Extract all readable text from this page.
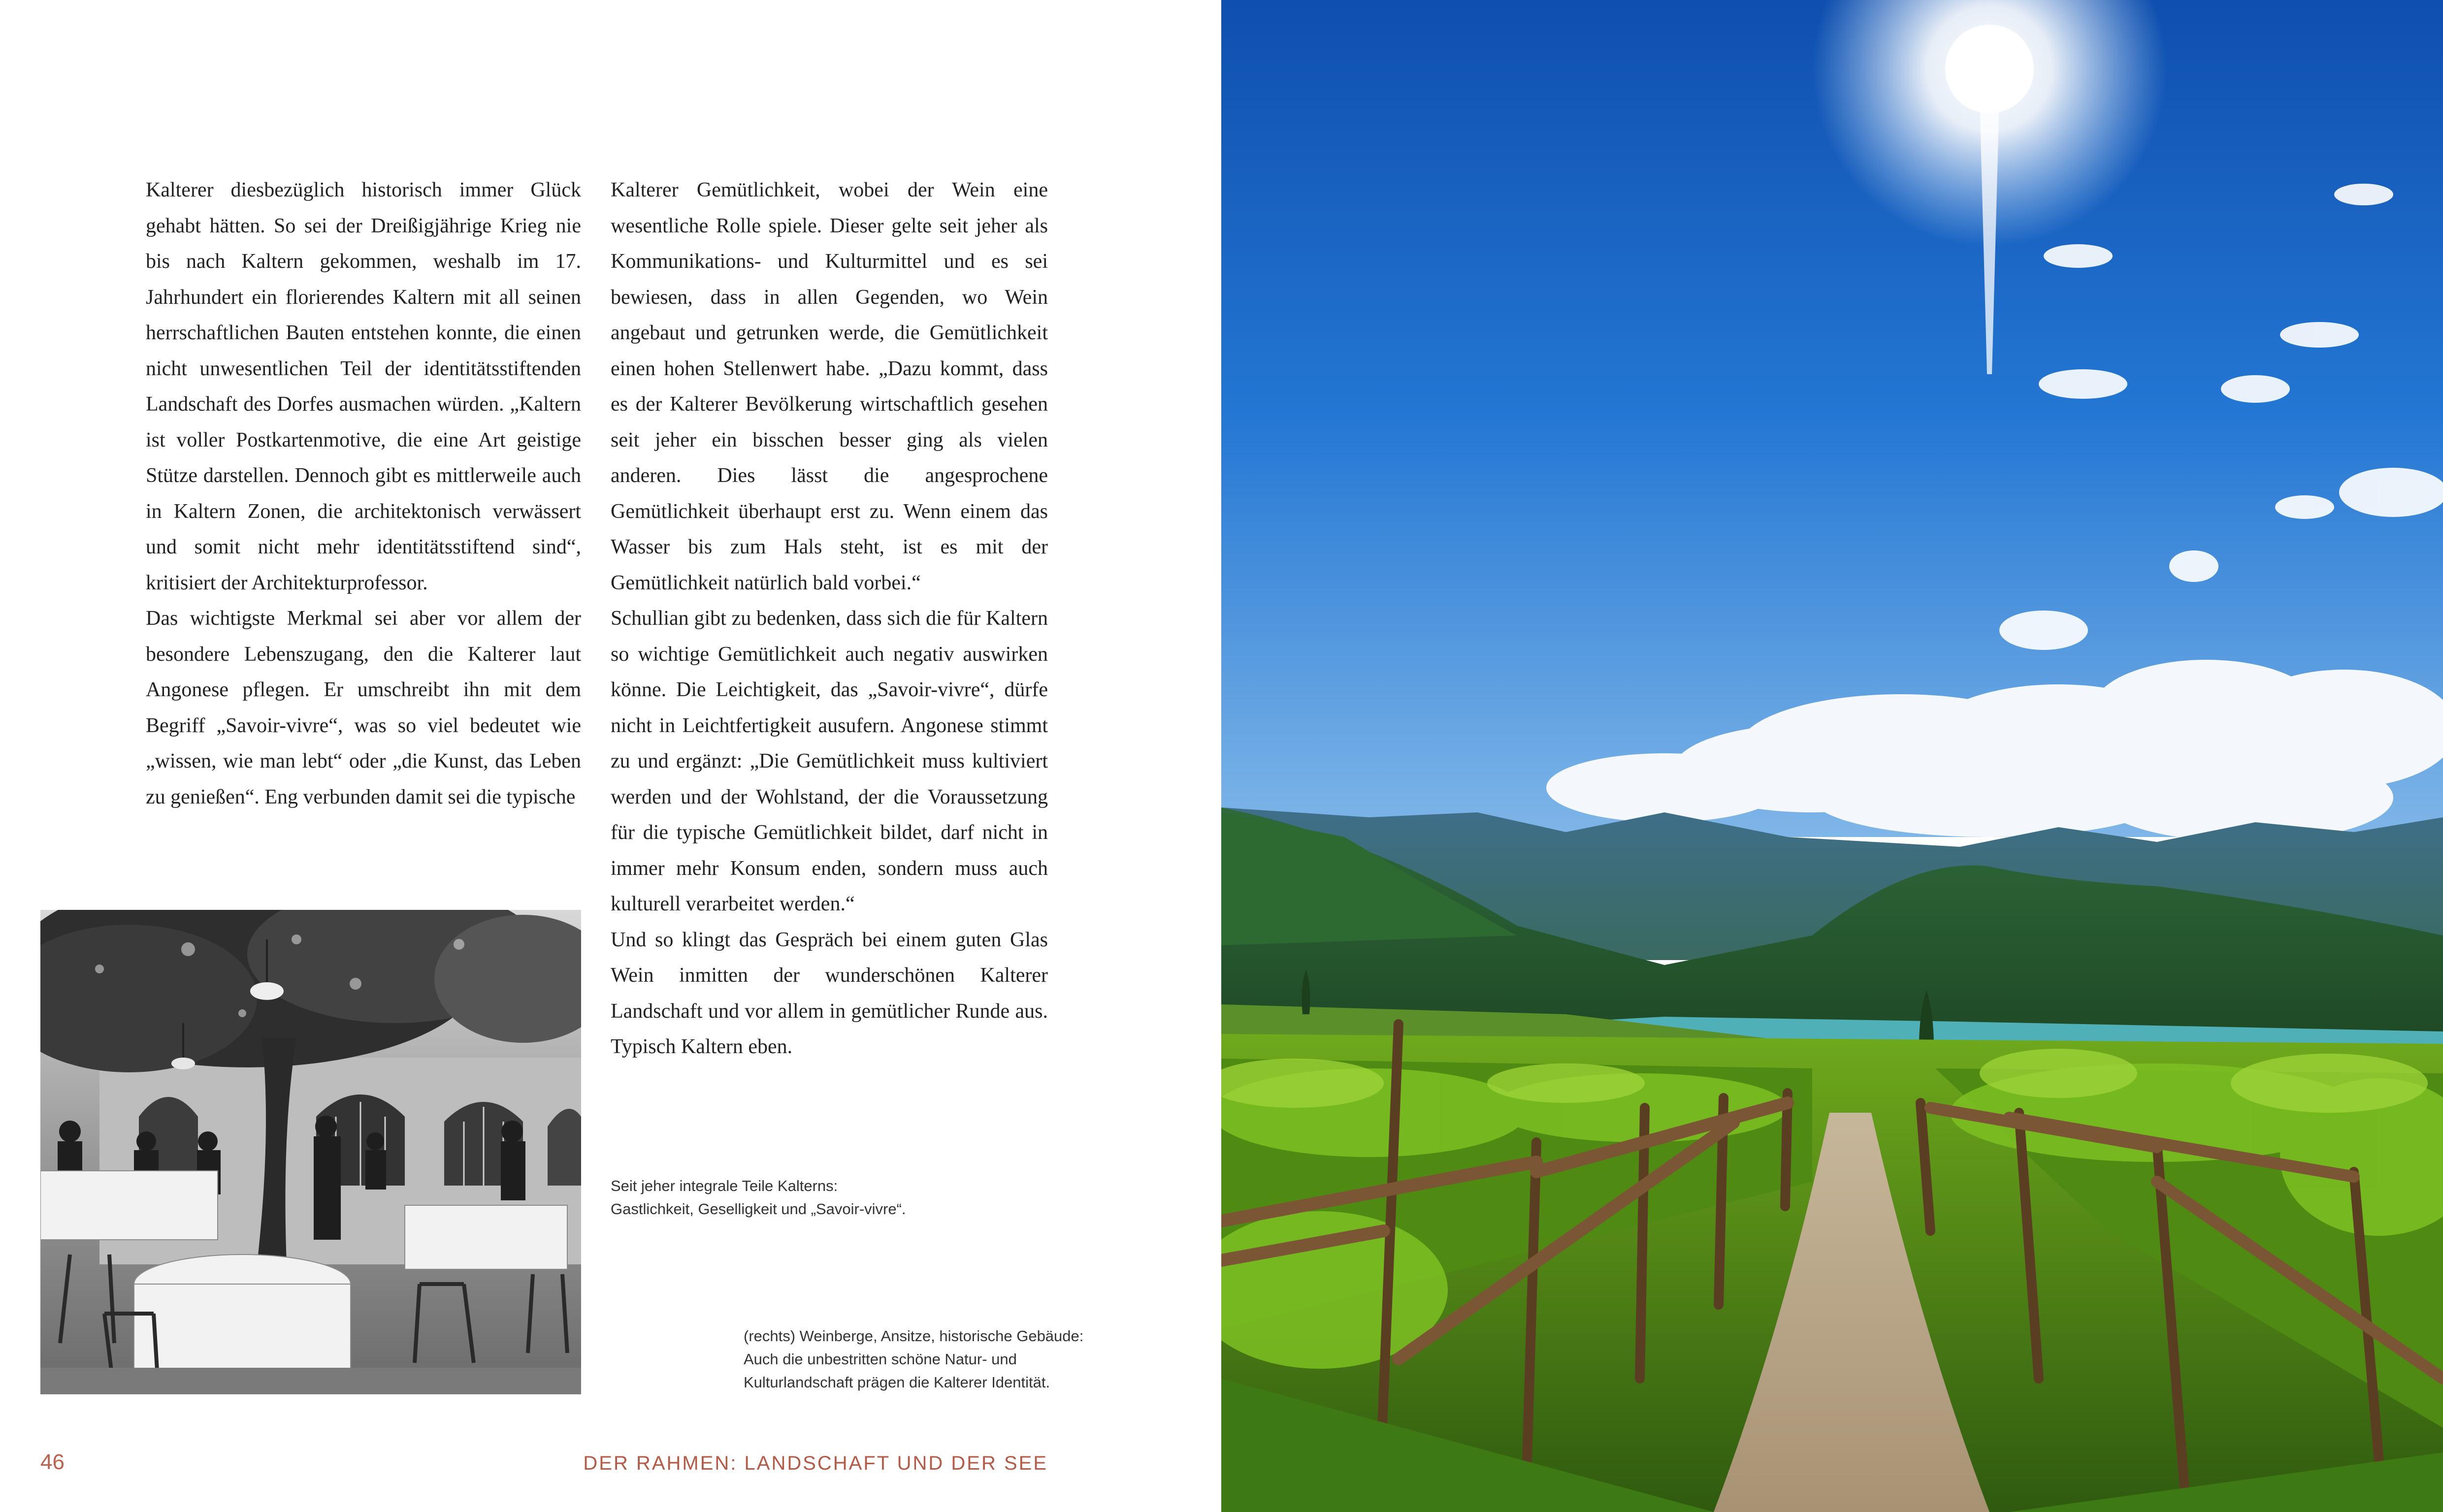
Kalterer diesbezüglich historisch immer Glück gehabt hätten. So sei der Dreißigjährige Krieg nie bis nach Kaltern gekommen, weshalb im 17. Jahrhundert ein florierendes Kaltern mit all seinen herrschaftlichen Bauten entstehen konnte, die einen nicht unwesentlichen Teil der identitätsstiftenden Landschaft des Dorfes ausmachen würden. „Kaltern ist voller Postkartenmotive, die eine Art geistige Stütze darstellen. Dennoch gibt es mittlerweile auch in Kaltern Zonen, die architektonisch verwässert und somit nicht mehr identitätsstiftend sind“, kritisiert der Architekturprofessor.

Das wichtigste Merkmal sei aber vor allem der besondere Lebenszugang, den die Kalterer laut Angonese pflegen. Er umschreibt ihn mit dem Begriff „Savoir-vivre“, was so viel bedeutet wie „wissen, wie man lebt“ oder „die Kunst, das Leben zu genießen“. Eng verbunden damit sei die typische

Kalterer Gemütlichkeit, wobei der Wein eine wesentliche Rolle spiele. Dieser gelte seit jeher als Kommunikations- und Kulturmittel und es sei bewiesen, dass in allen Gegenden, wo Wein angebaut und getrunken werde, die Gemütlichkeit einen hohen Stellenwert habe. „Dazu kommt, dass es der Kalterer Bevölkerung wirtschaftlich gesehen seit jeher ein bisschen besser ging als vielen anderen. Dies lässt die angesprochene Gemütlichkeit überhaupt erst zu. Wenn einem das Wasser bis zum Hals steht, ist es mit der Gemütlichkeit natürlich bald vorbei.“

Schullian gibt zu bedenken, dass sich die für Kaltern so wichtige Gemütlichkeit auch negativ auswirken könne. Die Leichtigkeit, das „Savoir-vivre“, dürfe nicht in Leichtfertigkeit ausufern. Angonese stimmt zu und ergänzt: „Die Gemütlichkeit muss kultiviert werden und der Wohlstand, der die Voraussetzung für die typische Gemütlichkeit bildet, darf nicht in immer mehr Konsum enden, sondern muss auch kulturell verarbeitet werden.“

Und so klingt das Gespräch bei einem guten Glas Wein inmitten der wunderschönen Kalterer Landschaft und vor allem in gemütlicher Runde aus. Typisch Kaltern eben.

Seit jeher integrale Teile Kalterns:
Gastlichkeit, Geselligkeit und „Savoir-vivre“.
(rechts) Weinberge, Ansitze, historische Gebäude:
Auch die unbestritten schöne Natur- und
Kulturlandschaft prägen die Kalterer Identität.
46	DER RAHMEN: LANDSCHAFT UND DER SEE
